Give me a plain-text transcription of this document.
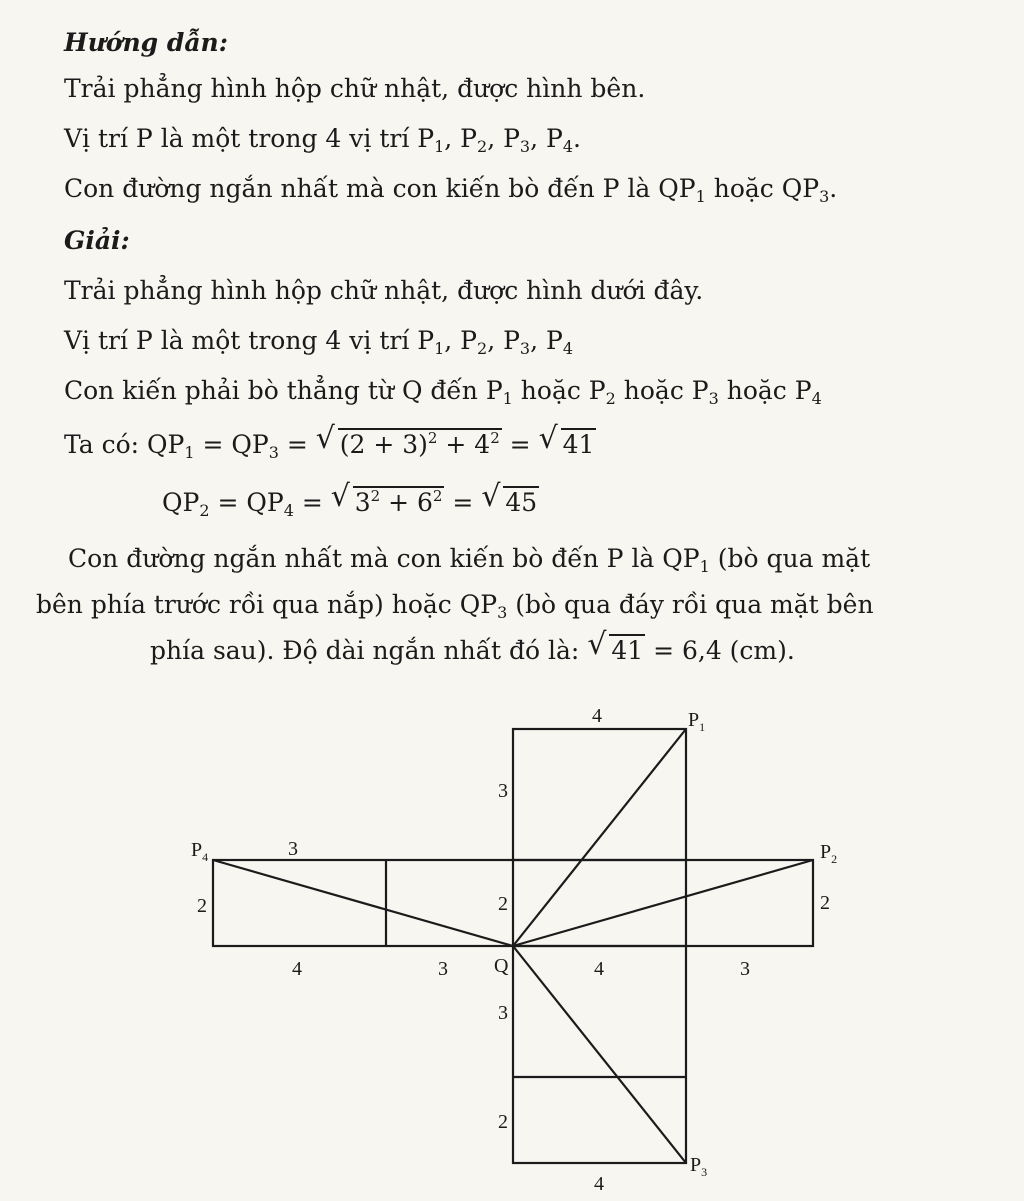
Hướng dẫn:
Trải phẳng hình hộp chữ nhật, được hình bên.
Vị trí P là một trong 4 vị trí $P_1$, $P_2$, $P_3$, $P_4$.
Con đường ngắn nhất mà con kiến bò đến P là $QP_1$ hoặc $QP_3$.
Giải:
Trải phẳng hình hộp chữ nhật, được hình dưới đây.
Vị trí P là một trong 4 vị trí $P_1$, $P_2$, $P_3$, $P_4$
Con kiến phải bò thẳng từ Q đến $P_1$ hoặc $P_2$ hoặc $P_3$ hoặc $P_4$
Ta có: $QP_1 = QP_3$ = √ $(2 + 3)^2 + 4^2$ = √ 41
$QP_2 = QP_4$ = √ $3^2 + 6^2$ = √ 45
Con đường ngắn nhất mà con kiến bò đến P là $QP_1$ (bò qua mặt
bên phía trước rồi qua nắp) hoặc $QP_3$ (bò qua đáy rồi qua mặt bên
phía sau). Độ dài ngắn nhất đó là: √ 41 = 6,4 (cm).
$P_1$
$P_2$
$P_3$
$P_4$
Q
4
3
3
2	2	2
4	3	4	3
3
2
4
